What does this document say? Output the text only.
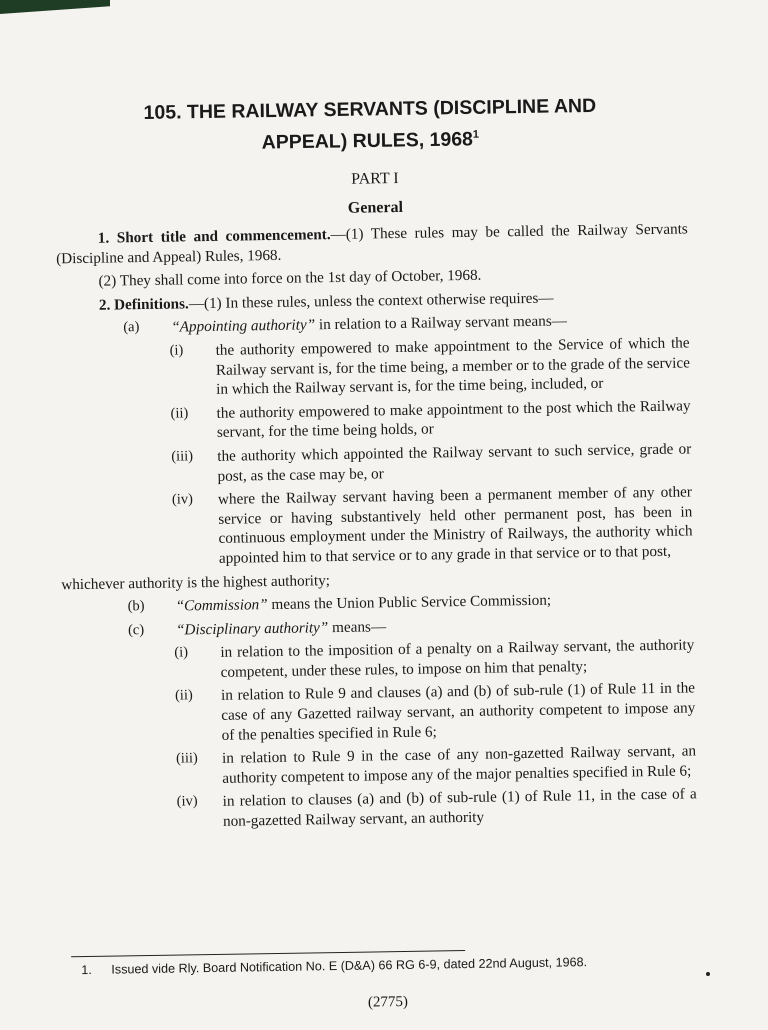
105. THE RAILWAY SERVANTS (DISCIPLINE AND
APPEAL) RULES, 1968$^1$

PART I

General

1. Short title and commencement.—(1) These rules may be called the Railway Servants (Discipline and Appeal) Rules, 1968.

(2) They shall come into force on the 1st day of October, 1968.

2. Definitions.—(1) In these rules, unless the context otherwise requires—

(a)	“Appointing authority” in relation to a Railway servant means—
(i)	the authority empowered to make appointment to the Service of which the Railway servant is, for the time being, a member or to the grade of the service in which the Railway servant is, for the time being, included, or
(ii)	the authority empowered to make appointment to the post which the Railway servant, for the time being holds, or
(iii)	the authority which appointed the Railway servant to such service, grade or post, as the case may be, or
(iv)	where the Railway servant having been a permanent member of any other service or having substantively held other permanent post, has been in continuous employment under the Ministry of Railways, the authority which appointed him to that service or to any grade in that service or to that post,

whichever authority is the highest authority;

(b)	“Commission” means the Union Public Service Commission;
(c)	“Disciplinary authority” means—
(i)	in relation to the imposition of a penalty on a Railway servant, the authority competent, under these rules, to impose on him that penalty;
(ii)	in relation to Rule 9 and clauses (a) and (b) of sub-rule (1) of Rule 11 in the case of any Gazetted railway servant, an authority competent to impose any of the penalties specified in Rule 6;
(iii)	in relation to Rule 9 in the case of any non-gazetted Railway servant, an authority competent to impose any of the major penalties specified in Rule 6;
(iv)	in relation to clauses (a) and (b) of sub-rule (1) of Rule 11, in the case of a non-gazetted Railway servant, an authority
1. Issued vide Rly. Board Notification No. E (D&A) 66 RG 6-9, dated 22nd August, 1968.
(2775)
